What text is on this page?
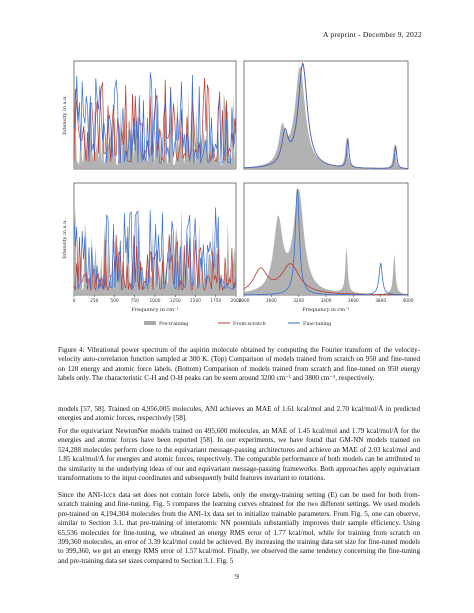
A preprint - December 9, 2022
0	250	500	750 1000 1250 1500 1750 2000
2800	3000	3200	3400	3600	3800	4000
Intensity in a.u.
Intensity in a.u.
Frequency in cm⁻¹	Frequency in cm⁻¹
Pre-training	From-scratch	Fine-tuning

Figure 4: Vibrational power spectrum of the aspirin molecule obtained by computing the Fourier transform of the velocity-velocity auto-correlation function sampled at 300 K. (Top) Comparison of models trained from scratch on 950 and fine-tuned on 128 energy and atomic force labels. (Bottom) Comparison of models trained from scratch and fine-tuned on 950 energy labels only. The characteristic C-H and O-H peaks can be seem around 3200 cm⁻¹ and 3800 cm⁻¹, respectively.

models [57, 58]. Trained on 4,956,005 molecules, ANI achieves an MAE of 1.61 kcal/mol and 2.70 kcal/mol/Å in predicted energies and atomic forces, respectively [58].

For the equivariant NewtonNet models trained on 495,600 molecules, an MAE of 1.45 kcal/mol and 1.79 kcal/mol/Å for the energies and atomic forces have been reported [58]. In our experiments, we have found that GM-NN models trained on 524,288 molecules perform close to the equivariant message-passing architectures and achieve an MAE of 2.03 kcal/mol and 1.85 kcal/mol/Å for energies and atomic forces, respectively. The comparable performance of both models can be attributed to the similarity in the underlying ideas of our and equivariant message-passing frameworks. Both approaches apply equivariant transformations to the input coordinates and subsequently build features invariant to rotations.

Since the ANI-1ccx data set does not contain force labels, only the energy-training setting (E) can be used for both from-scratch training and fine-tuning. Fig. 5 compares the learning curves obtained for the two different settings. We used models pre-trained on 4,194,304 molecules from the ANI-1x data set to initialize trainable parameters. From Fig. 5, one can observe, similar to Section 3.1, that pre-training of interatomic NN potentials substantially improves their sample efficiency. Using 65,536 molecules for fine-tuning, we obtained an energy RMS error of 1.77 kcal/mol, while for training from scratch on 399,360 molecules, an error of 3.39 kcal/mol could be achieved. By increasing the training data set size for fine-tuned models to 399,360, we get an energy RMS error of 1.57 kcal/mol. Finally, we observed the same tendency concerning the fine-tuning and pre-training data set sizes compared to Section 3.1. Fig. 5

9
